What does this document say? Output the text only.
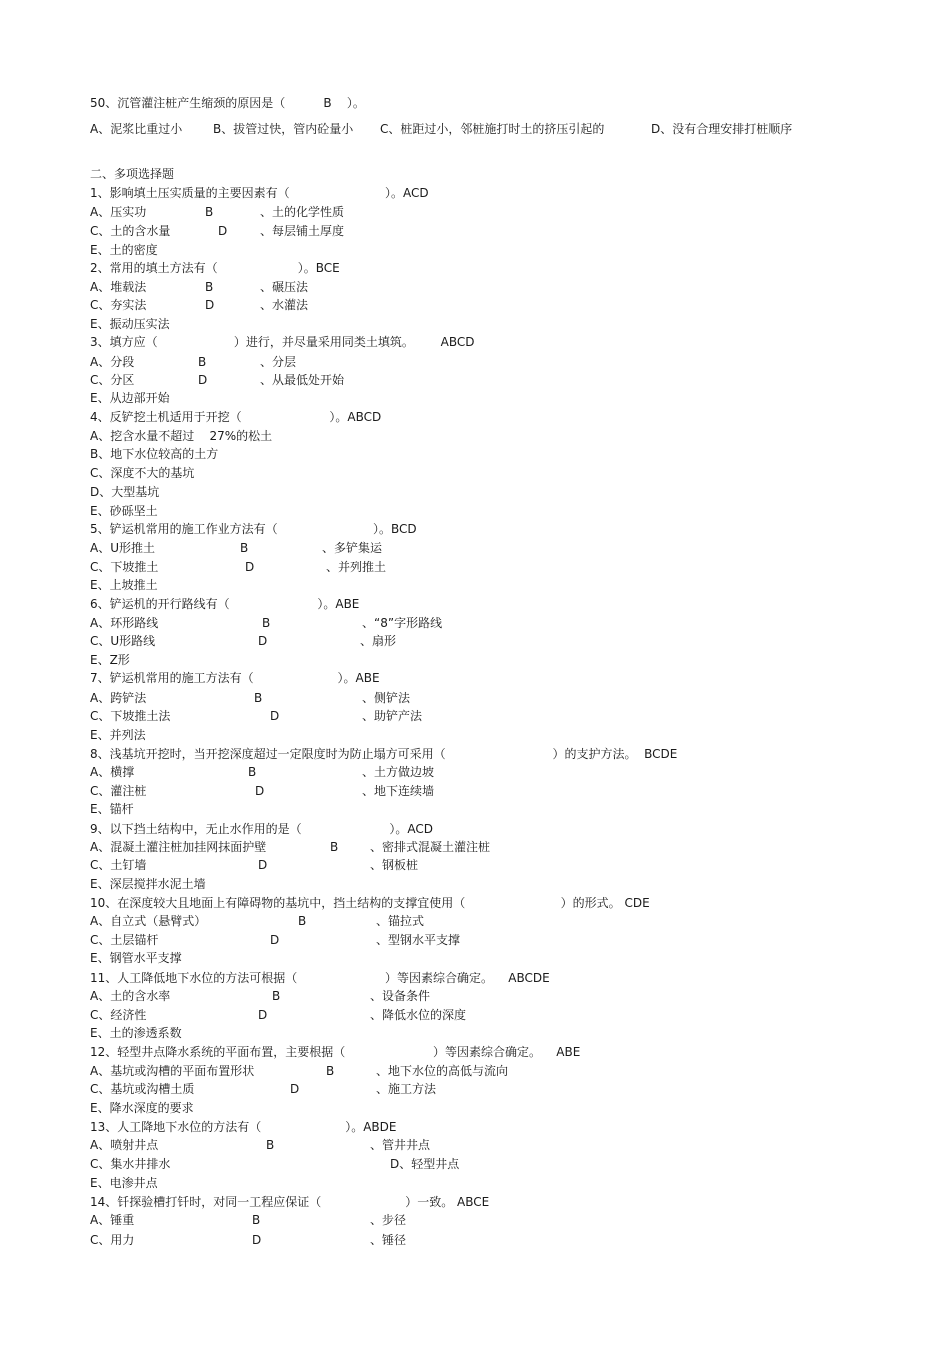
50、沉管灌注桩产生缩颈的原因是（          B    ）。

A、泥浆比重过小

	B、拔管过快，管内砼量小

C、桩距过小，邻桩施打时土的挤压引起的

	D、没有合理安排打桩顺序

二、多项选择题
1、影响填土压实质量的主要因素有（                         ）。ACD

A、压实功

	B

	、土的化学性质

C、土的含水量

	D

	、每层铺土厚度

E、土的密度
2、常用的填土方法有（                     ）。BCE

A、堆载法

	B

	、碾压法

C、夯实法

	D

	、水灌法

E、振动压实法
3、填方应（                    ）进行，并尽量采用同类土填筑。       ABCD

A、分段

	B

	、分层

C、分区

	D

	、从最低处开始

E、从边部开始
4、反铲挖土机适用于开挖（                       ）。ABCD
A、挖含水量不超过    27%的松土
B、地下水位较高的土方
C、深度不大的基坑
D、大型基坑
E、砂砾坚土
5、铲运机常用的施工作业方法有（                         ）。BCD

A、U形推土

	B

	、多铲集运

C、下坡推土

	D

	、并列推土

E、上坡推土
6、铲运机的开行路线有（                       ）。ABE

A、环形路线

	B

	、“8”字形路线

C、U形路线

	D

	、扇形

E、Z形
7、铲运机常用的施工方法有（                      ）。ABE

A、跨铲法

	B

	、侧铲法

C、下坡推土法

	D

	、助铲产法

E、并列法
8、浅基坑开挖时，当开挖深度超过一定限度时为防止塌方可采用（                            ）的支护方法。  BCDE

A、横撑

	B

	、土方做边坡

C、灌注桩

	D

	、地下连续墙

E、锚杆
9、以下挡土结构中，无止水作用的是（                       ）。ACD

A、混凝土灌注桩加挂网抹面护壁

	B

	、密排式混凝土灌注桩

C、土钉墙

	D

	、钢板桩

E、深层搅拌水泥土墙
10、在深度较大且地面上有障碍物的基坑中，挡土结构的支撑宜使用（                         ）的形式。 CDE

A、自立式（悬臂式）

	B

	、锚拉式

C、土层锚杆

	D

	、型钢水平支撑

E、钢管水平支撑
11、人工降低地下水位的方法可根据（                       ）等因素综合确定。    ABCDE

A、土的含水率

	B

	、设备条件

C、经济性

	D

	、降低水位的深度

E、土的渗透系数
12、轻型井点降水系统的平面布置，主要根据（                       ）等因素综合确定。    ABE

A、基坑或沟槽的平面布置形状

	B

	、地下水位的高低与流向

C、基坑或沟槽土质

	D

	、施工方法

E、降水深度的要求
13、人工降地下水位的方法有（                      ）。ABDE

A、喷射井点

	B

	、管井井点

C、集水井排水

	D、轻型井点

E、电渗井点
14、钎探验槽打钎时，对同一工程应保证（                      ）一致。 ABCE

A、锤重

	B

	、步径

C、用力

	D

	、锤径
